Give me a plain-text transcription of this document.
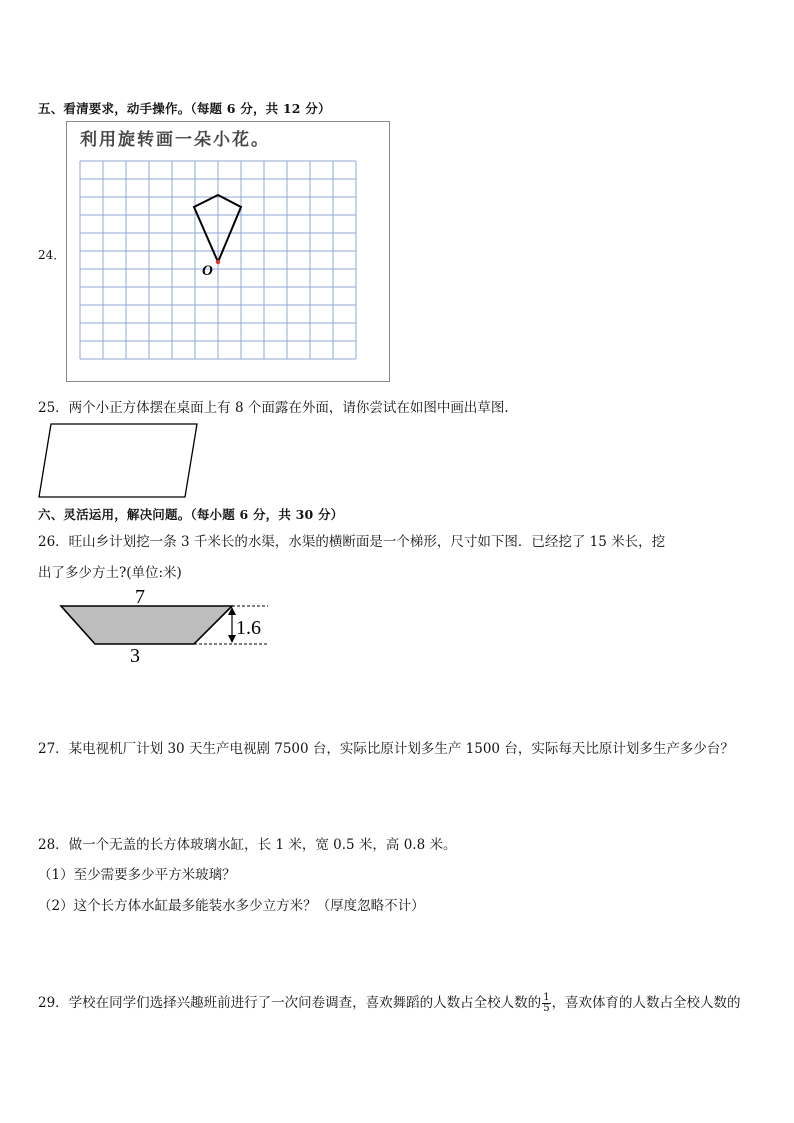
五、看清要求，动手操作。（每题 6 分，共 12 分）
24．
利用旋转画一朵小花。
O
25．两个小正方体摆在桌面上有 8 个面露在外面，请你尝试在如图中画出草图.
六、灵活运用，解决问题。（每小题 6 分，共 30 分）
26．旺山乡计划挖一条 3 千米长的水渠，水渠的横断面是一个梯形，尺寸如下图．已经挖了 15 米长，挖
出了多少方土?(单位:米)
7
3
1.6
27．某电视机厂计划 30 天生产电视剧 7500 台，实际比原计划多生产 1500 台，实际每天比原计划多生产多少台？
28．做一个无盖的长方体玻璃水缸，长 1 米，宽 0.5 米，高 0.8 米。
（1）至少需要多少平方米玻璃？
（2）这个长方体水缸最多能装水多少立方米？（厚度忽略不计）
29．学校在同学们选择兴趣班前进行了一次问卷调查，喜欢舞蹈的人数占全校人数的 $\frac{1}{5}$ ，喜欢体育的人数占全校人数的
